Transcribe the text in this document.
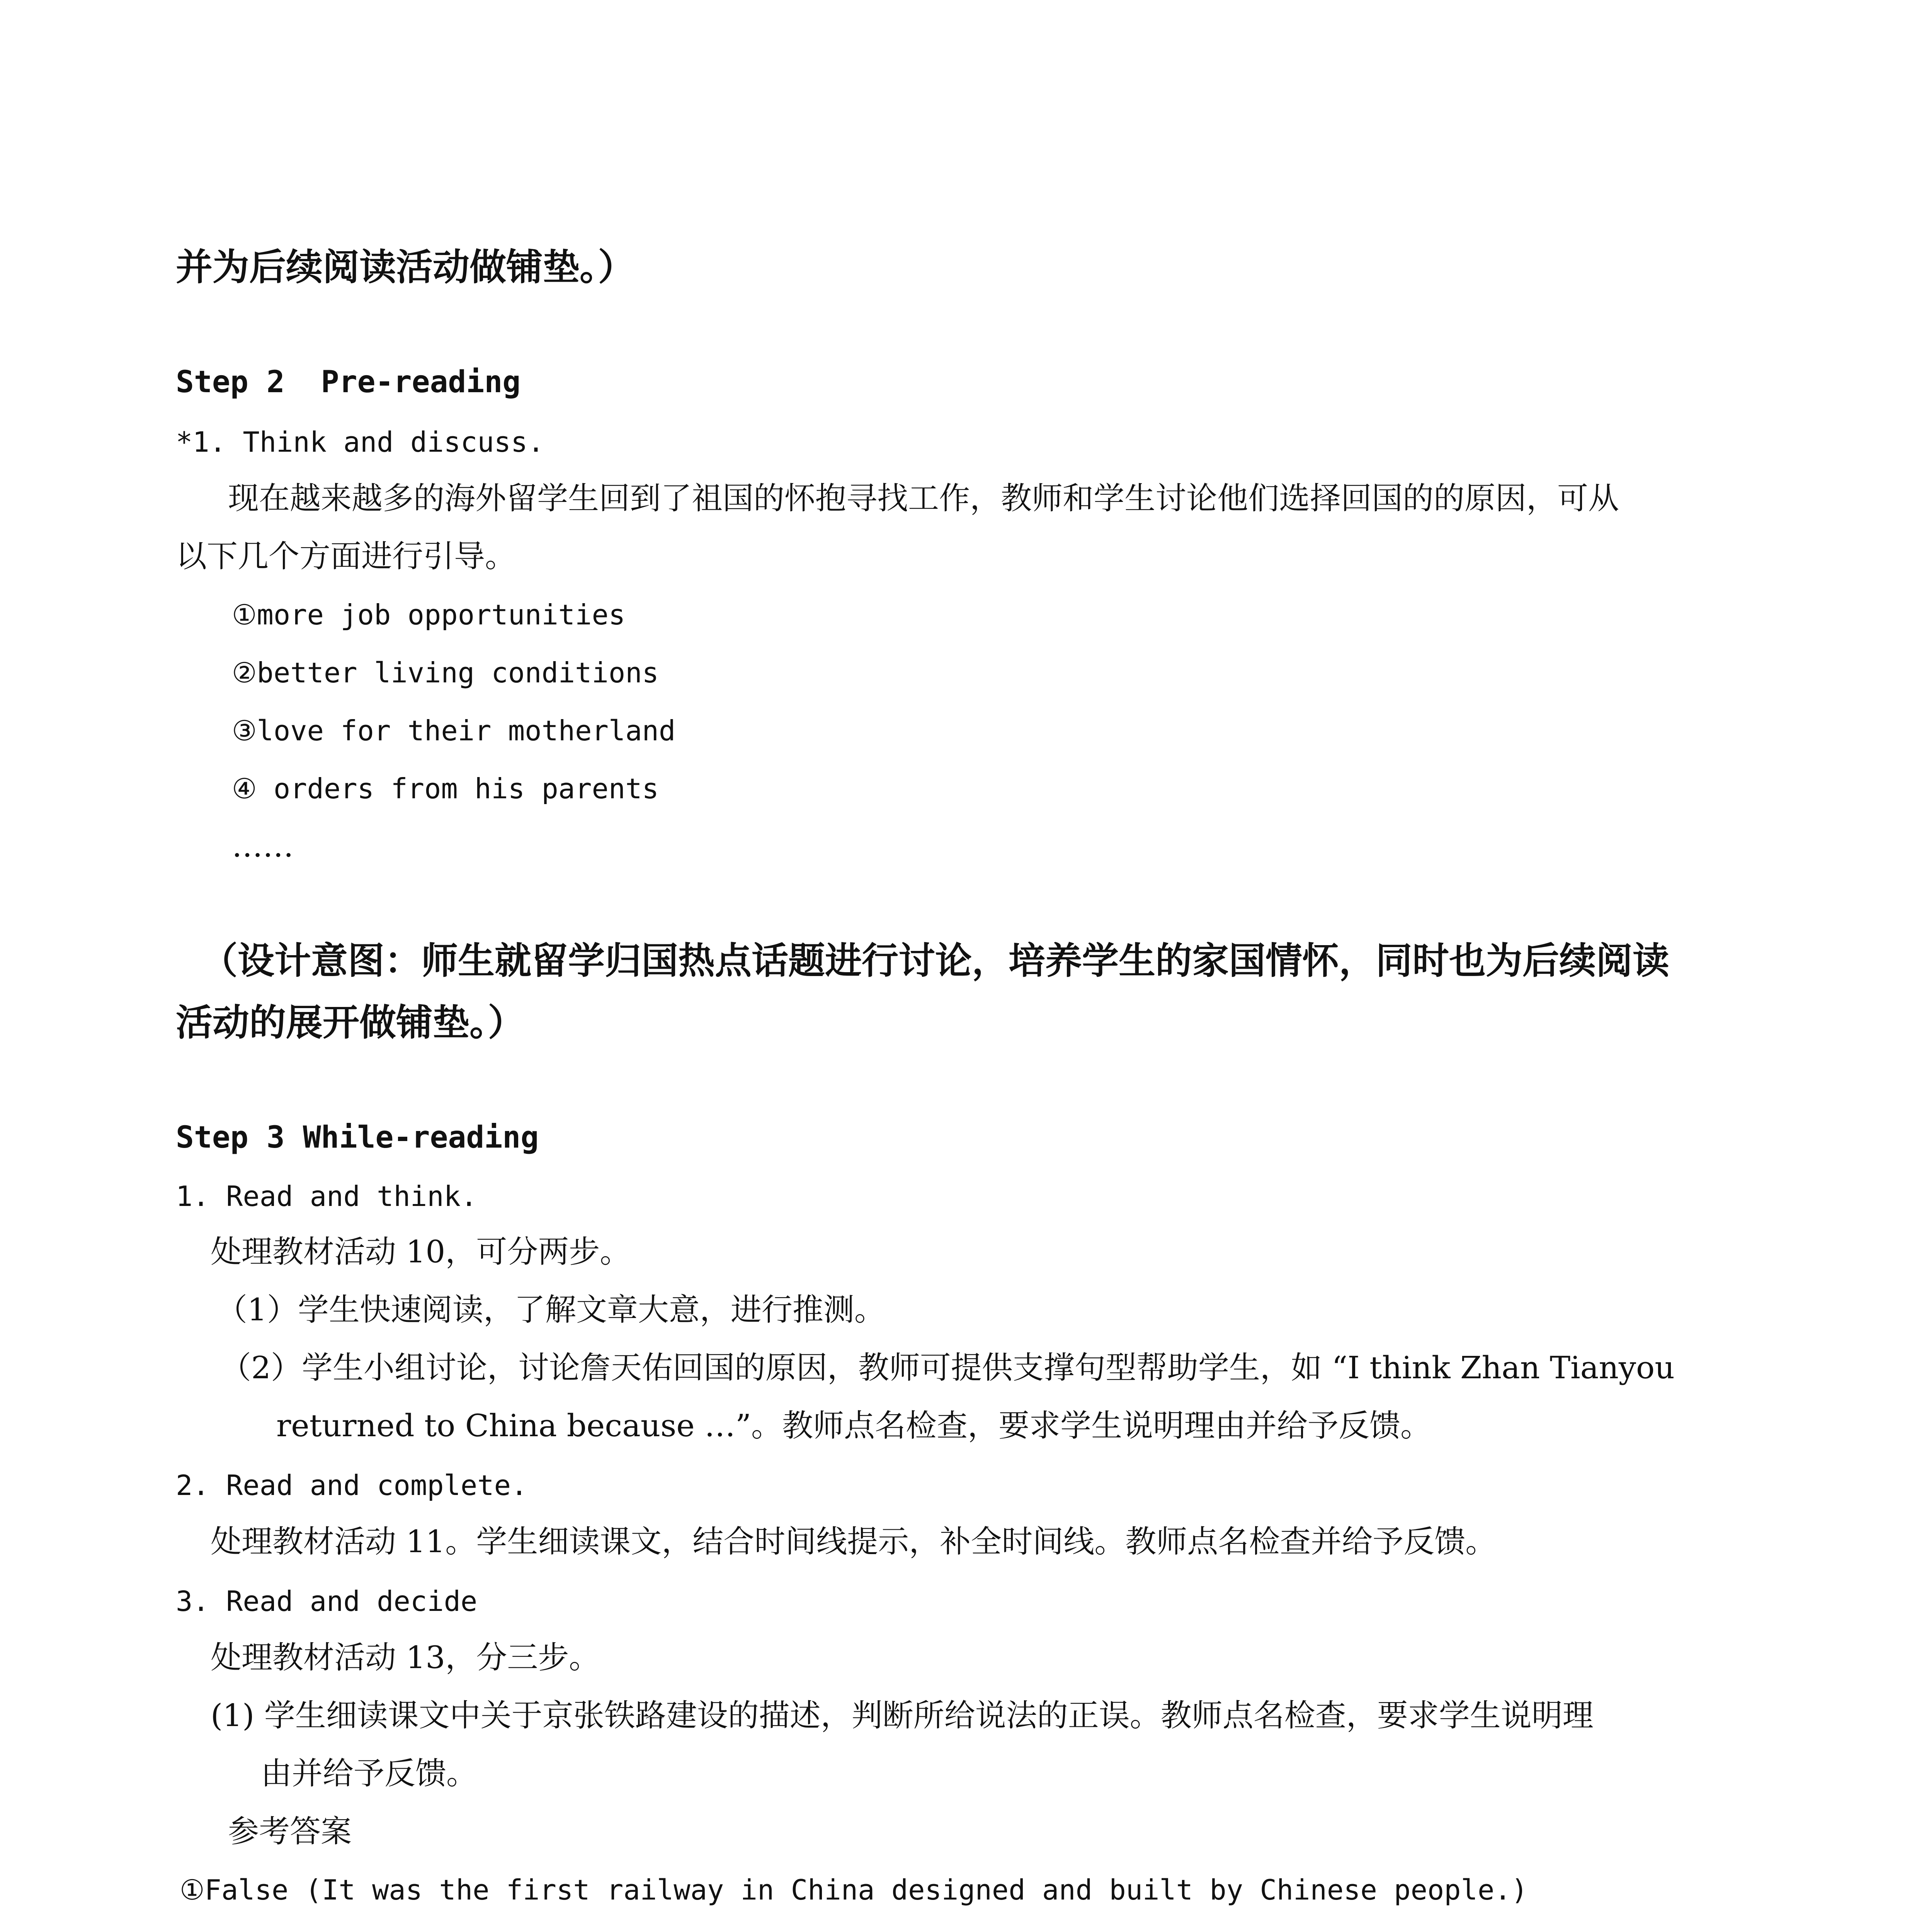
并为后续阅读活动做铺垫。）
Step 2  Pre-reading
*1. Think and discuss.
现在越来越多的海外留学生回到了祖国的怀抱寻找工作，教师和学生讨论他们选择回国的的原因，可从
以下几个方面进行引导。
①more job opportunities
②better living conditions
③love for their motherland
④ orders from his parents
……
（设计意图：师生就留学归国热点话题进行讨论，培养学生的家国情怀，同时也为后续阅读
活动的展开做铺垫。）
Step 3 While-reading
1. Read and think.
处理教材活动 10，可分两步。
（1）学生快速阅读，了解文章大意，进行推测。
（2）学生小组讨论，讨论詹天佑回国的原因，教师可提供支撑句型帮助学生，如 “I think Zhan Tianyou
returned to China because …”。教师点名检查，要求学生说明理由并给予反馈。
2. Read and complete.
处理教材活动 11。学生细读课文，结合时间线提示，补全时间线。教师点名检查并给予反馈。
3. Read and decide
处理教材活动 13，分三步。
(1) 学生细读课文中关于京张铁路建设的描述，判断所给说法的正误。教师点名检查，要求学生说明理
由并给予反馈。
参考答案
①False (It was the first railway in China designed and built by Chinese people.)
